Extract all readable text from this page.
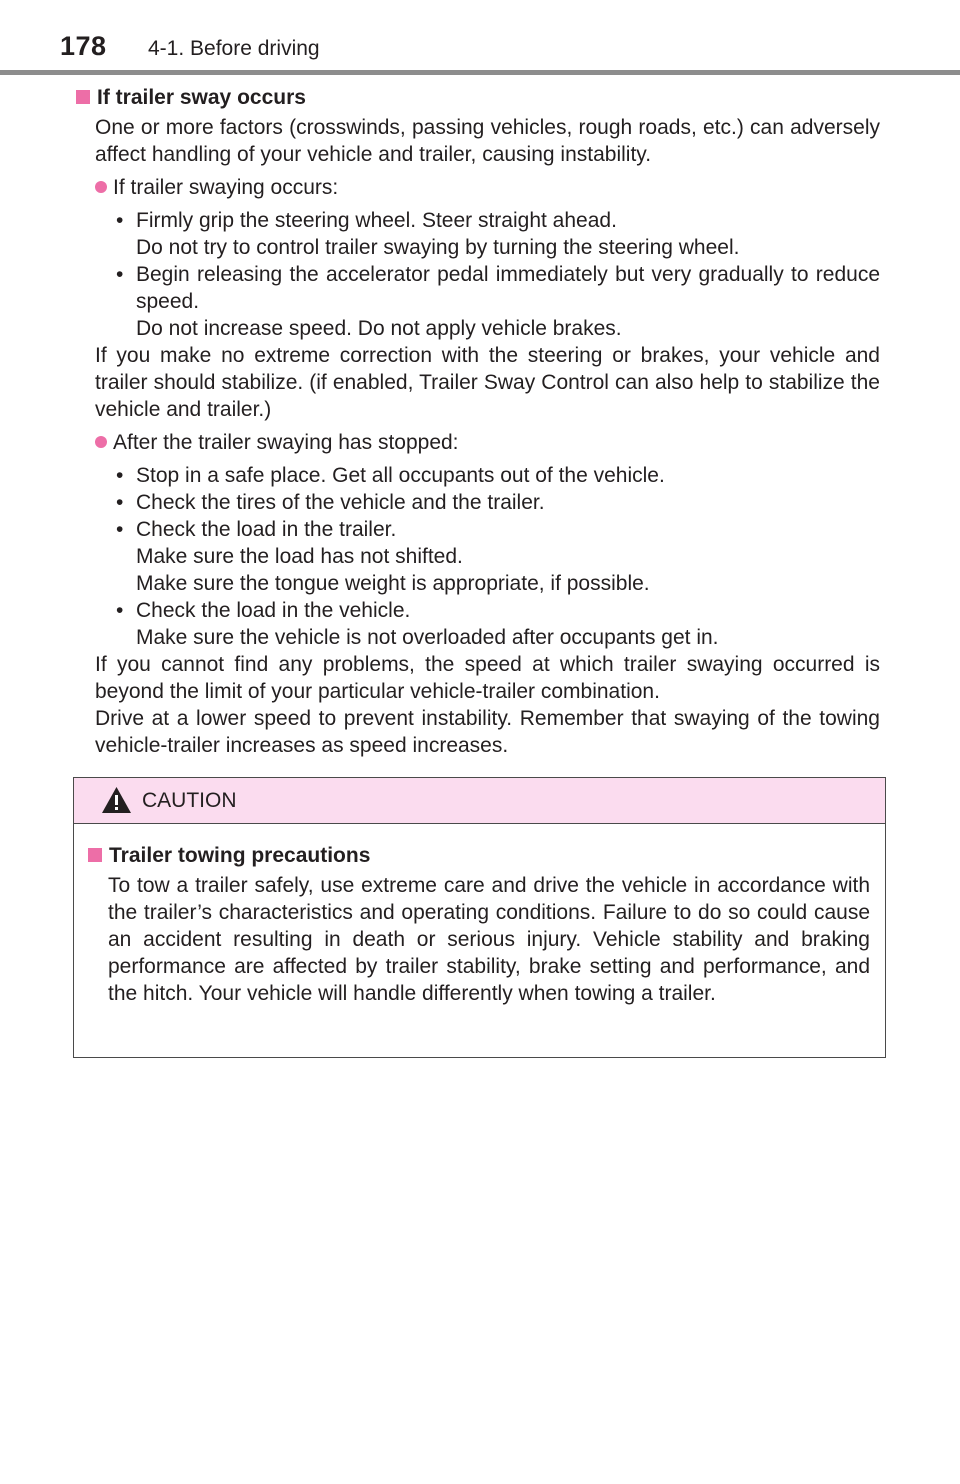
178 4-1. Before driving
If trailer sway occurs

One or more factors (crosswinds, passing vehicles, rough roads, etc.) can adversely affect handling of your vehicle and trailer, causing instability.

If trailer swaying occurs:
• Firmly grip the steering wheel. Steer straight ahead.
Do not try to control trailer swaying by turning the steering wheel.
• Begin releasing the accelerator pedal immediately but very gradually to reduce speed.
Do not increase speed. Do not apply vehicle brakes.

If you make no extreme correction with the steering or brakes, your vehicle and trailer should stabilize. (if enabled, Trailer Sway Control can also help to stabilize the vehicle and trailer.)

After the trailer swaying has stopped:
• Stop in a safe place. Get all occupants out of the vehicle.
• Check the tires of the vehicle and the trailer.
• Check the load in the trailer.
Make sure the load has not shifted.
Make sure the tongue weight is appropriate, if possible.
• Check the load in the vehicle.
Make sure the vehicle is not overloaded after occupants get in.

If you cannot find any problems, the speed at which trailer swaying occurred is beyond the limit of your particular vehicle-trailer combination.

Drive at a lower speed to prevent instability. Remember that swaying of the towing vehicle-trailer increases as speed increases.

CAUTION
Trailer towing precautions

To tow a trailer safely, use extreme care and drive the vehicle in accordance with the trailer’s characteristics and operating conditions. Failure to do so could cause an accident resulting in death or serious injury. Vehicle stability and braking performance are affected by trailer stability, brake setting and performance, and the hitch. Your vehicle will handle differently when towing a trailer.
